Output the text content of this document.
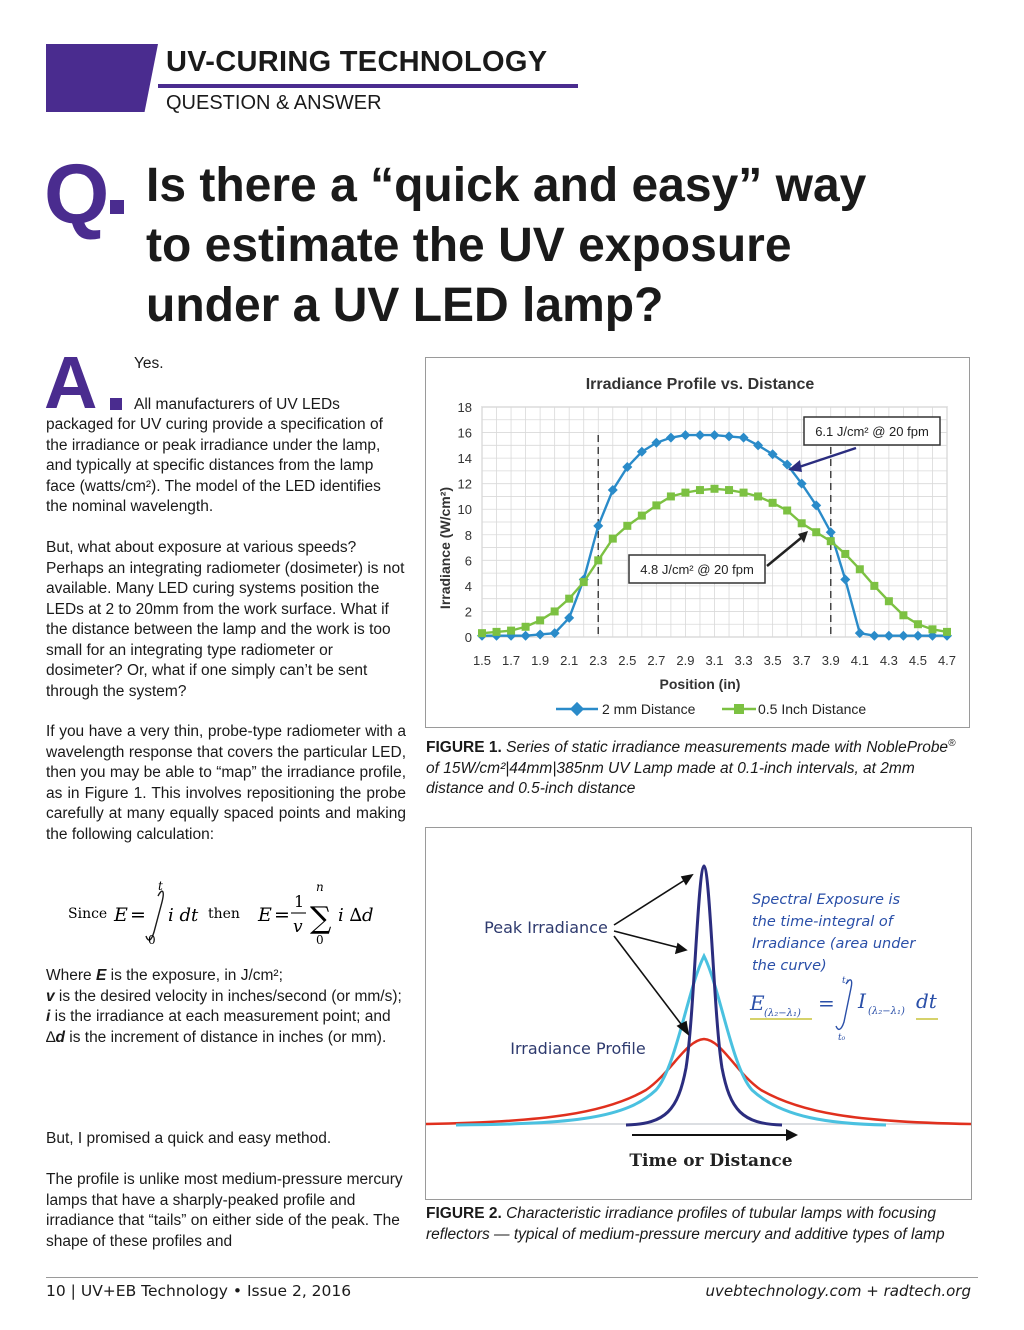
UV-CURING TECHNOLOGY
QUESTION & ANSWER
Q Is there a “quick and easy” way
to estimate the UV exposure
under a UV LED lamp?
A Yes.

All manufacturers of UV LEDs
packaged for UV curing provide a specification of the irradiance or peak irradiance under the lamp, and typically at specific distances from the lamp face (watts/cm²). The model of the LED identifies the nominal wavelength.
But, what about exposure at various speeds? Perhaps an integrating radiometer (dosimeter) is not available. Many LED curing systems position the LEDs at 2 to 20mm from the work surface. What if the distance between the lamp and the work is too small for an integrating type radiometer or dosimeter? Or, what if one simply can’t be sent through the system?
If you have a very thin, probe-type radiometer with a wavelength response that covers the particular LED, then you may be able to “map” the irradiance profile, as in Figure 1. This involves repositioning the probe carefully at many equally spaced points and making the following calculation:
Since E =
t
0
i dt then E =
1
v ∑
n
0
i ∆d

Where E is the exposure, in J/cm²;

v is the desired velocity in inches/second (or mm/s);

i is the irradiance at each measurement point; and

∆d is the increment of distance in inches (or mm).

But, I promised a quick and easy method.
The profile is unlike most medium-pressure mercury lamps that have a sharply-peaked profile and irradiance that “tails” on either side of the peak. The shape of these profiles and
Irradiance Profile vs. Distance
1.5 1.7 1.9 2.1 2.3 2.5 2.7 2.9 3.1 3.3 3.5 3.7 3.9 4.1 4.3 4.5 4.7
0
2
4
6
8
10
12
14
16
18
Position (in)
Irradiance (W/cm²)
6.1 J/cm² @ 20 fpm
4.8 J/cm² @ 20 fpm
2 mm Distance	0.5 Inch Distance
FIGURE 1. Series of static irradiance measurements made with NobleProbe® of 15W/cm²|44mm|385nm UV Lamp made at 0.1-inch intervals, at 2mm distance and 0.5-inch distance
Peak Irradiance
Irradiance Profile
Spectral Exposure is
the time-integral of
Irradiance (area under
the curve)
E (λ₂−λ₁) =
t₁
t₀
I (λ₂−λ₁) dt
Time or Distance
FIGURE 2. Characteristic irradiance profiles of tubular lamps with focusing reflectors — typical of medium-pressure mercury and additive types of lamp
10 | UV+EB Technology • Issue 2, 2016	uvebtechnology.com + radtech.org
